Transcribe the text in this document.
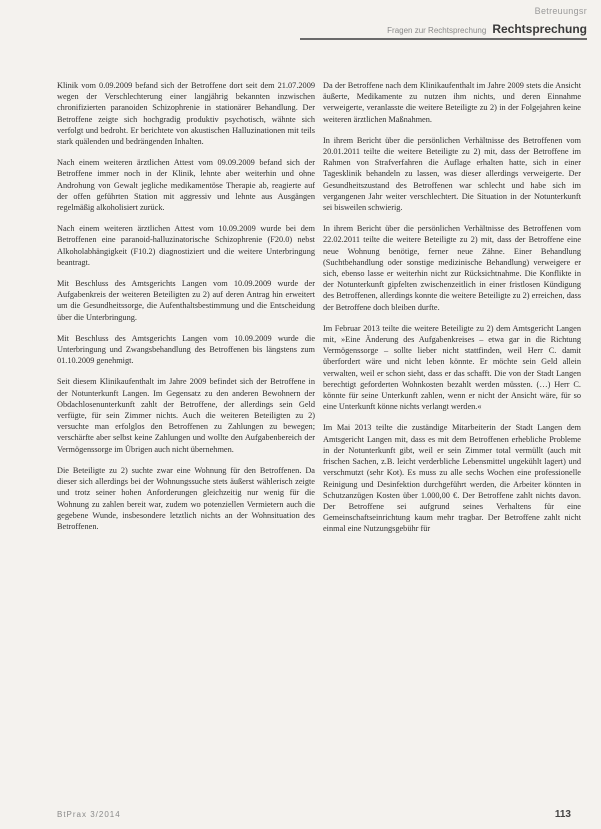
Betreuungsr
Fragen zur Rechtsprechung Rechtsprechung

Klinik vom 0.09.2009 befand sich der Betroffene dort seit dem 21.07.2009 wegen der Verschlechterung einer langjährig bekannten inzwischen chronifizierten paranoiden Schizophrenie in stationärer Behandlung. Der Betroffene zeigte sich hochgradig produktiv psychotisch, wähnte sich verfolgt und bedroht. Er berichtete von akustischen Halluzinationen mit teils stark quälenden und bedrängenden Inhalten.

Nach einem weiteren ärztlichen Attest vom 09.09.2009 befand sich der Betroffene immer noch in der Klinik, lehnte aber weiterhin und ohne Androhung von Gewalt jegliche medikamentöse Therapie ab, reagierte auf der offen geführten Station mit aggressiv und lehnte aus Ausgängen regelmäßig alkoholisiert zurück.

Nach einem weiteren ärztlichen Attest vom 10.09.2009 wurde bei dem Betroffenen eine paranoid-halluzinatorische Schizophrenie (F20.0) nebst Alkoholabhängigkeit (F10.2) diagnostiziert und die weitere Unterbringung beantragt.

Mit Beschluss des Amtsgerichts Langen vom 10.09.2009 wurde der Aufgabenkreis der weiteren Beteiligten zu 2) auf deren Antrag hin erweitert um die Gesundheitssorge, die Aufenthaltsbestimmung und die Entscheidung über die Unterbringung.

Mit Beschluss des Amtsgerichts Langen vom 10.09.2009 wurde die Unterbringung und Zwangsbehandlung des Betroffenen bis längstens zum 01.10.2009 genehmigt.

Seit diesem Klinikaufenthalt im Jahre 2009 befindet sich der Betroffene in der Notunterkunft Langen. Im Gegensatz zu den anderen Bewohnern der Obdachlosenunterkunft zahlt der Betroffene, der allerdings sein Geld verfügte, für sein Zimmer nichts. Auch die weiteren Beteiligten zu 2) versuchte man erfolglos den Betroffenen zu Zahlungen zu bewegen; verschärfte aber selbst keine Zahlungen und wollte den Aufgabenbereich der Vermögenssorge im Übrigen auch nicht übernehmen.

Die Beteiligte zu 2) suchte zwar eine Wohnung für den Betroffenen. Da dieser sich allerdings bei der Wohnungssuche stets äußerst wählerisch zeigte und trotz seiner hohen Anforderungen gleichzeitig nur wenig für die Wohnung zu zahlen bereit war, zudem wo potenziellen Vermietern auch die gegebene Wunde, insbesondere letztlich nichts an der Wohnsituation des Betroffenen.

Da der Betroffene nach dem Klinikaufenthalt im Jahre 2009 stets die Ansicht äußerte, Medikamente zu nutzen ihm nichts, und deren Einnahme verweigerte, veranlasste die weitere Beteiligte zu 2) in der Folgejahren keine weiteren ärztlichen Maßnahmen.

In ihrem Bericht über die persönlichen Verhältnisse des Betroffenen vom 20.01.2011 teilte die weitere Beteiligte zu 2) mit, dass der Betroffene im Rahmen von Strafverfahren die Auflage erhalten hatte, sich in einer Tagesklinik behandeln zu lassen, was dieser allerdings verweigerte. Der Gesundheitszustand des Betroffenen war schlecht und habe sich im vergangenen Jahr weiter verschlechtert. Die Situation in der Notunterkunft sei bisweilen schwierig.

In ihrem Bericht über die persönlichen Verhältnisse des Betroffenen vom 22.02.2011 teilte die weitere Beteiligte zu 2) mit, dass der Betroffene eine neue Wohnung benötige, ferner neue Zähne. Einer Behandlung (Suchtbehandlung oder sonstige medizinische Behandlung) verweigere er sich, ebenso lasse er weiterhin nicht zur Rücksichtnahme. Die Konflikte in der Notunterkunft gipfelten zwischenzeitlich in einer fristlosen Kündigung des Betroffenen, allerdings konnte die weitere Beteiligte zu 2) erreichen, dass der Betroffene doch bleiben durfte.

Im Februar 2013 teilte die weitere Beteiligte zu 2) dem Amtsgericht Langen mit, »Eine Änderung des Aufgabenkreises – etwa gar in die Richtung Vermögenssorge – sollte lieber nicht stattfinden, weil Herr C. damit überfordert wäre und nicht leben könnte. Er möchte sein Geld allein verwalten, weil er schon sieht, dass er das schafft. Die von der Stadt Langen berechtigt geforderten Wohnkosten bezahlt werden müssten. (…) Herr C. könnte für seine Unterkunft zahlen, wenn er nicht der Ansicht wäre, für so eine Unterkunft könne nichts verlangt werden.«

Im Mai 2013 teilte die zuständige Mitarbeiterin der Stadt Langen dem Amtsgericht Langen mit, dass es mit dem Betroffenen erhebliche Probleme in der Notunterkunft gibt, weil er sein Zimmer total vermüllt (auch mit frischen Sachen, z.B. leicht verderbliche Lebensmittel ungekühlt lagert) und verschmutzt (sehr Kot). Es muss zu alle sechs Wochen eine professionelle Reinigung und Desinfektion durchgeführt werden, die Arbeiter könnten in Schutzanzügen Kosten über 1.000,00 €. Der Betroffene zahlt nichts davon. Der Betroffene sei aufgrund seines Verhaltens für eine Gemeinschaftseinrichtung kaum mehr tragbar. Der Betroffene zahlt nicht einmal eine Nutzungsgebühr für

BtPrax 3/2014	113
